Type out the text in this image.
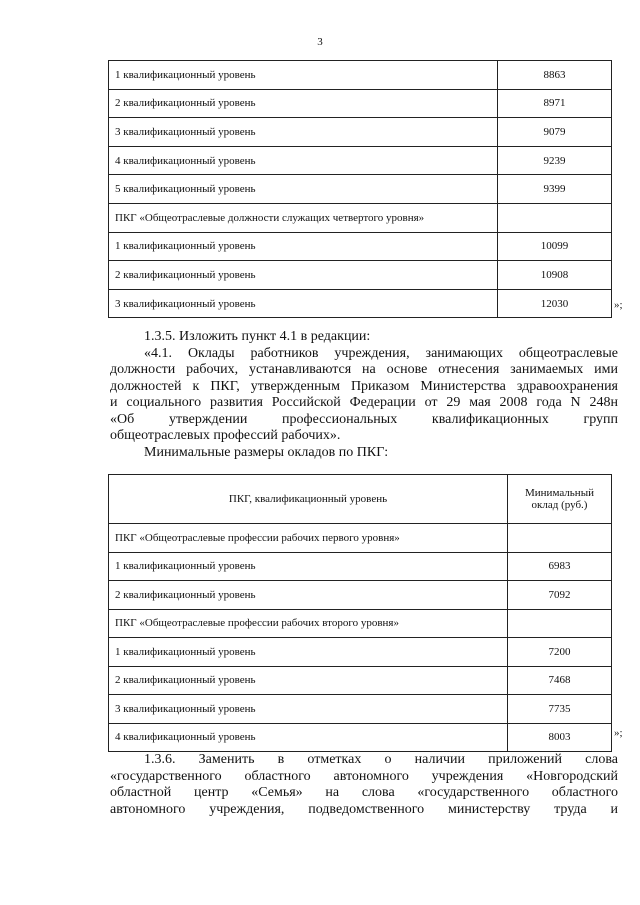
3
1 квалификационный уровень	8863
2 квалификационный уровень	8971
3 квалификационный уровень	9079
4 квалификационный уровень	9239
5 квалификационный уровень	9399
ПКГ «Общеотраслевые должности служащих четвертого уровня»	
1 квалификационный уровень	10099
2 квалификационный уровень	10908
3 квалификационный уровень	12030	»;
1.3.5. Изложить пункт 4.1 в редакции:
«4.1. Оклады работников учреждения, занимающих общеотраслевые
должности рабочих, устанавливаются на основе отнесения занимаемых ими
должностей к ПКГ, утвержденным Приказом Министерства здравоохранения
и социального развития Российской Федерации от 29 мая 2008 года N 248н
«Об утверждении профессиональных квалификационных групп
общеотраслевых профессий рабочих».
Минимальные размеры окладов по ПКГ:
ПКГ, квалификационный уровень	Минимальный оклад (руб.)
ПКГ «Общеотраслевые профессии рабочих первого уровня»	
1 квалификационный уровень	6983
2 квалификационный уровень	7092
ПКГ «Общеотраслевые профессии рабочих второго уровня»	
1 квалификационный уровень	7200
2 квалификационный уровень	7468
3 квалификационный уровень	7735
4 квалификационный уровень	8003	»;
1.3.6. Заменить в отметках о наличии приложений слова
«государственного областного автономного учреждения «Новгородский
областной центр «Семья» на слова «государственного областного
автономного учреждения, подведомственного министерству труда и
